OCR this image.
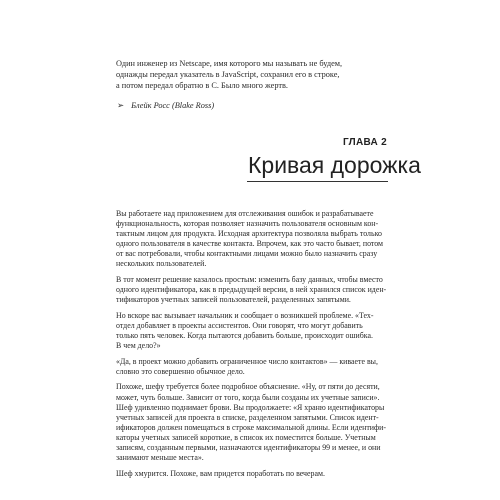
Один инженер из Netscape, имя которого мы называть не будем,

однажды передал указатель в JavaScript, сохранил его в строке,

а потом передал обратно в C. Было много жертв.

➢ Блейк Росс (Blake Ross)
ГЛАВА 2
Кривая дорожка

Вы работаете над приложением для отслеживания ошибок и разрабатываете
функциональность, которая позволяет назначить пользователя основным кон-
тактным лицом для продукта. Исходная архитектура позволяла выбрать только
одного пользователя в качестве контакта. Впрочем, как это часто бывает, потом
от вас потребовали, чтобы контактными лицами можно было назначить сразу
нескольких пользователей.

В тот момент решение казалось простым: изменить базу данных, чтобы вместо
одного идентификатора, как в предыдущей версии, в ней хранился список иден-
тификаторов учетных записей пользователей, разделенных запятыми.

Но вскоре вас вызывает начальник и сообщает о возникшей проблеме. «Тех-
отдел добавляет в проекты ассистентов. Они говорят, что могут добавить
только пять человек. Когда пытаются добавить больше, происходит ошибка.
В чем дело?»

«Да, в проект можно добавить ограниченное число контактов» — киваете вы,
словно это совершенно обычное дело.

Похоже, шефу требуется более подробное объяснение. «Ну, от пяти до десяти,
может, чуть больше. Зависит от того, когда были созданы их учетные записи».
Шеф удивленно поднимает брови. Вы продолжаете: «Я храню идентификаторы
учетных записей для проекта в списке, разделенном запятыми. Список идент-
ификаторов должен помещаться в строке максимальной длины. Если идентифи-
каторы учетных записей короткие, в список их поместится больше. Учетным
записям, созданным первыми, назначаются идентификаторы 99 и менее, и они
занимают меньше места».

Шеф хмурится. Похоже, вам придется поработать по вечерам.
